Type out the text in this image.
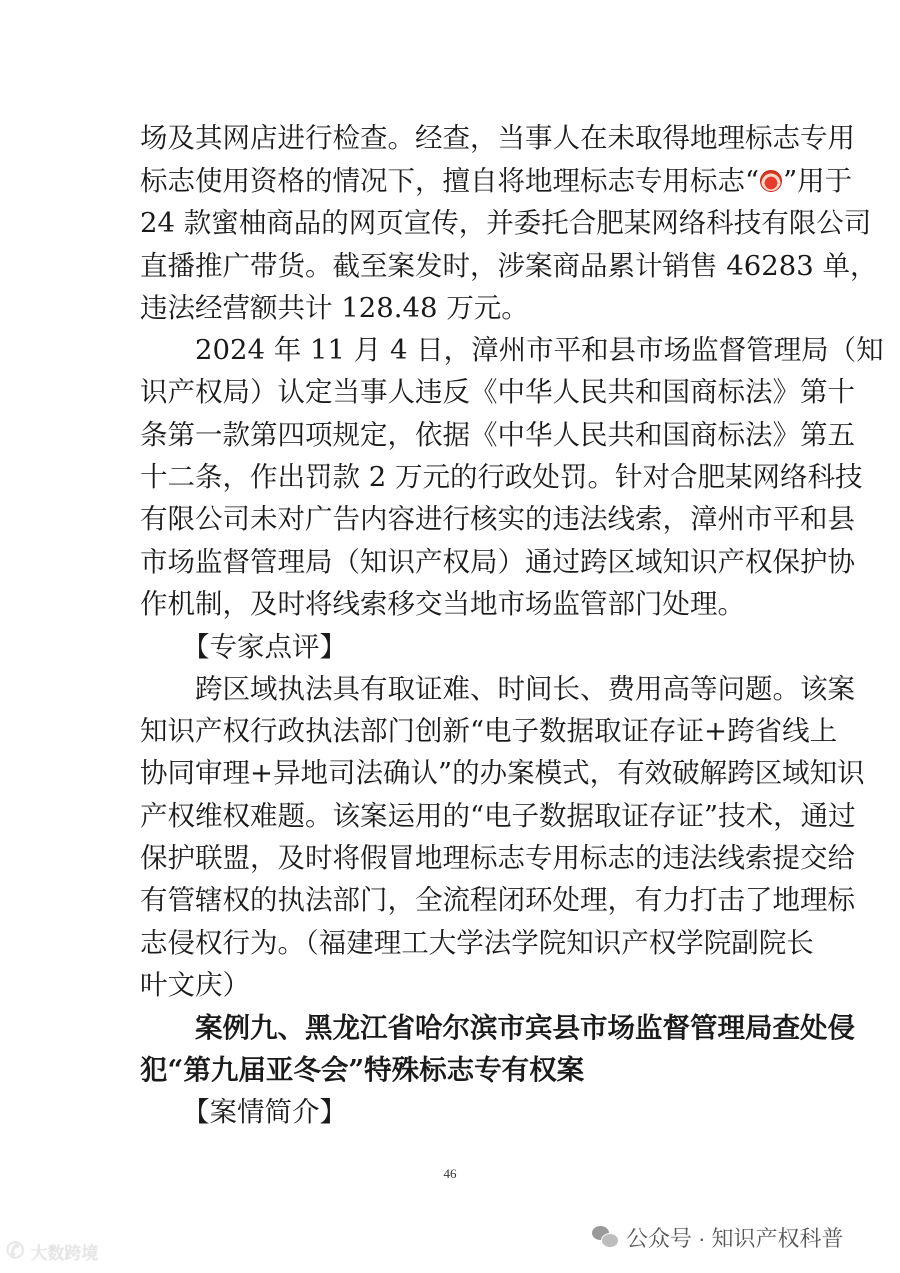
场及其网店进行检查。经查，当事人在未取得地理标志专用
标志使用资格的情况下，擅自将地理标志专用标志“ ”用于
24 款蜜柚商品的网页宣传，并委托合肥某网络科技有限公司
直播推广带货。截至案发时，涉案商品累计销售 46283 单，
违法经营额共计 128.48 万元。
2024 年 11 月 4 日，漳州市平和县市场监督管理局（知
识产权局）认定当事人违反《中华人民共和国商标法》第十
条第一款第四项规定，依据《中华人民共和国商标法》第五
十二条，作出罚款 2 万元的行政处罚。针对合肥某网络科技
有限公司未对广告内容进行核实的违法线索，漳州市平和县
市场监督管理局（知识产权局）通过跨区域知识产权保护协
作机制，及时将线索移交当地市场监管部门处理。
【专家点评】
跨区域执法具有取证难、时间长、费用高等问题。该案
知识产权行政执法部门创新“电子数据取证存证+跨省线上
协同审理+异地司法确认”的办案模式，有效破解跨区域知识
产权维权难题。该案运用的“电子数据取证存证”技术，通过
保护联盟，及时将假冒地理标志专用标志的违法线索提交给
有管辖权的执法部门，全流程闭环处理，有力打击了地理标
志侵权行为。（福建理工大学法学院知识产权学院副院长
叶文庆）
案例九、黑龙江省哈尔滨市宾县市场监督管理局查处侵
犯“第九届亚冬会”特殊标志专有权案
【案情简介】
46
公众号 · 知识产权科普
✆ 大数跨境
